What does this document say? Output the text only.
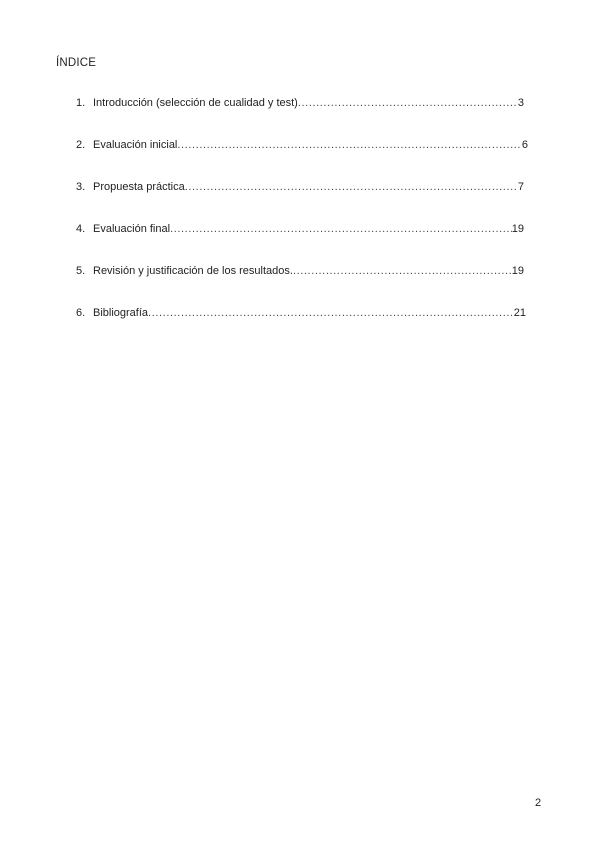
ÍNDICE
1. Introducción (selección de cualidad y test) .....	3
2. Evaluación inicial .....	6
3. Propuesta práctica .....	7
4. Evaluación final .....	19
5. Revisión y justificación de los resultados. .....	19
6. Bibliografía .....	21
2
